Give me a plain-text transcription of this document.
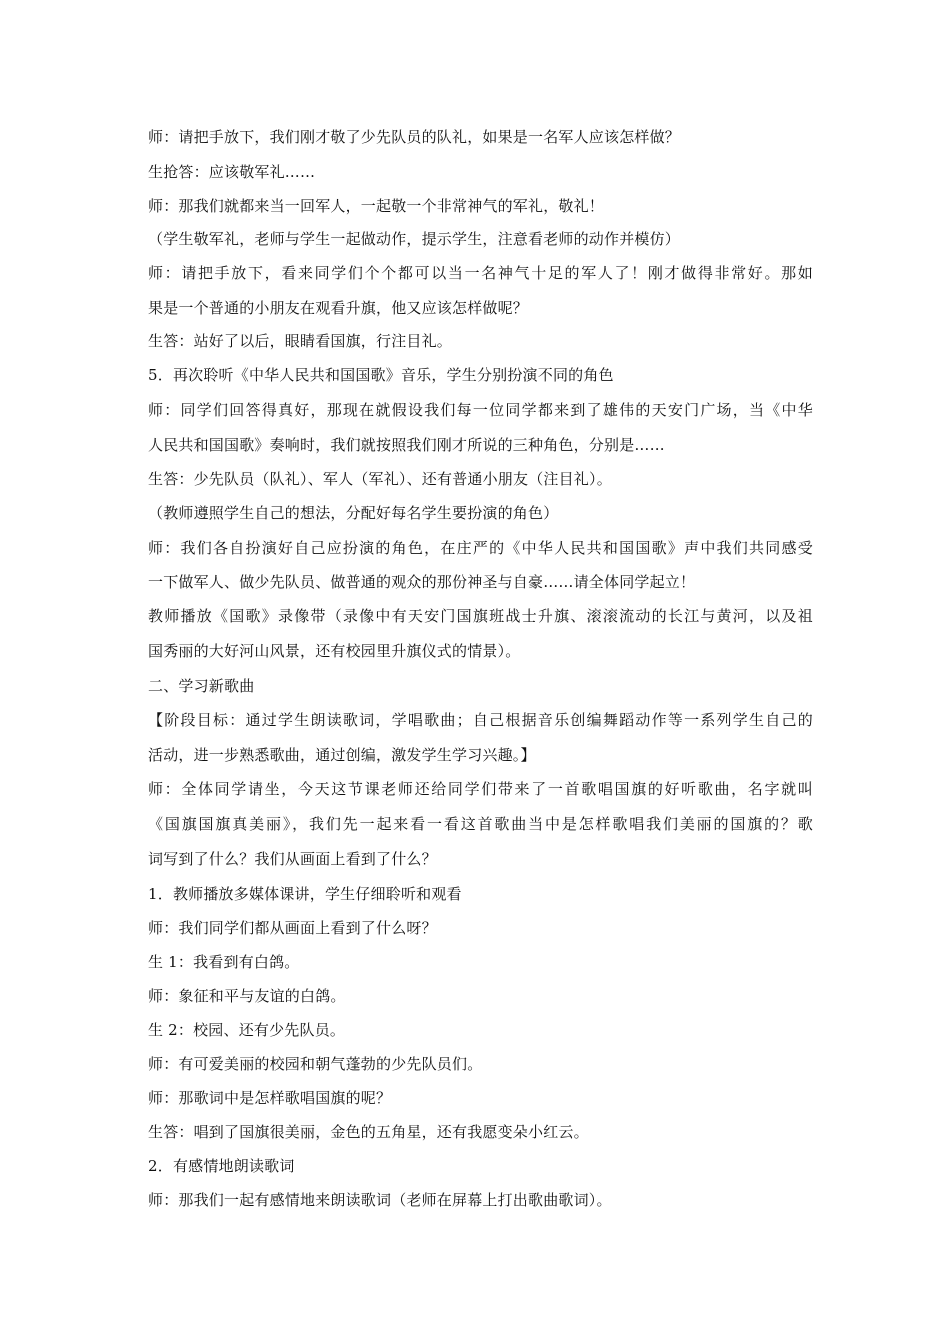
师：请把手放下，我们刚才敬了少先队员的队礼，如果是一名军人应该怎样做？
生抢答：应该敬军礼……
师：那我们就都来当一回军人，一起敬一个非常神气的军礼，敬礼！
（学生敬军礼，老师与学生一起做动作，提示学生，注意看老师的动作并模仿）
师：请把手放下，看来同学们个个都可以当一名神气十足的军人了！刚才做得非常好。那如
果是一个普通的小朋友在观看升旗，他又应该怎样做呢？
生答：站好了以后，眼睛看国旗，行注目礼。
5．再次聆听《中华人民共和国国歌》音乐，学生分别扮演不同的角色
师：同学们回答得真好，那现在就假设我们每一位同学都来到了雄伟的天安门广场，当《中华
人民共和国国歌》奏响时，我们就按照我们刚才所说的三种角色，分别是……
生答：少先队员（队礼）、军人（军礼）、还有普通小朋友（注目礼）。
（教师遵照学生自己的想法，分配好每名学生要扮演的角色）
师：我们各自扮演好自己应扮演的角色，在庄严的《中华人民共和国国歌》声中我们共同感受
一下做军人、做少先队员、做普通的观众的那份神圣与自豪……请全体同学起立！
教师播放《国歌》录像带（录像中有天安门国旗班战士升旗、滚滚流动的长江与黄河，以及祖
国秀丽的大好河山风景，还有校园里升旗仪式的情景）。
二、学习新歌曲
【阶段目标：通过学生朗读歌词，学唱歌曲；自己根据音乐创编舞蹈动作等一系列学生自己的
活动，进一步熟悉歌曲，通过创编，激发学生学习兴趣。】
师：全体同学请坐，今天这节课老师还给同学们带来了一首歌唱国旗的好听歌曲，名字就叫
《国旗国旗真美丽》，我们先一起来看一看这首歌曲当中是怎样歌唱我们美丽的国旗的？歌
词写到了什么？我们从画面上看到了什么？
1．教师播放多媒体课讲，学生仔细聆听和观看
师：我们同学们都从画面上看到了什么呀？
生 1：我看到有白鸽。
师：象征和平与友谊的白鸽。
生 2：校园、还有少先队员。
师：有可爱美丽的校园和朝气蓬勃的少先队员们。
师：那歌词中是怎样歌唱国旗的呢？
生答：唱到了国旗很美丽，金色的五角星，还有我愿变朵小红云。
2．有感情地朗读歌词
师：那我们一起有感情地来朗读歌词（老师在屏幕上打出歌曲歌词）。
